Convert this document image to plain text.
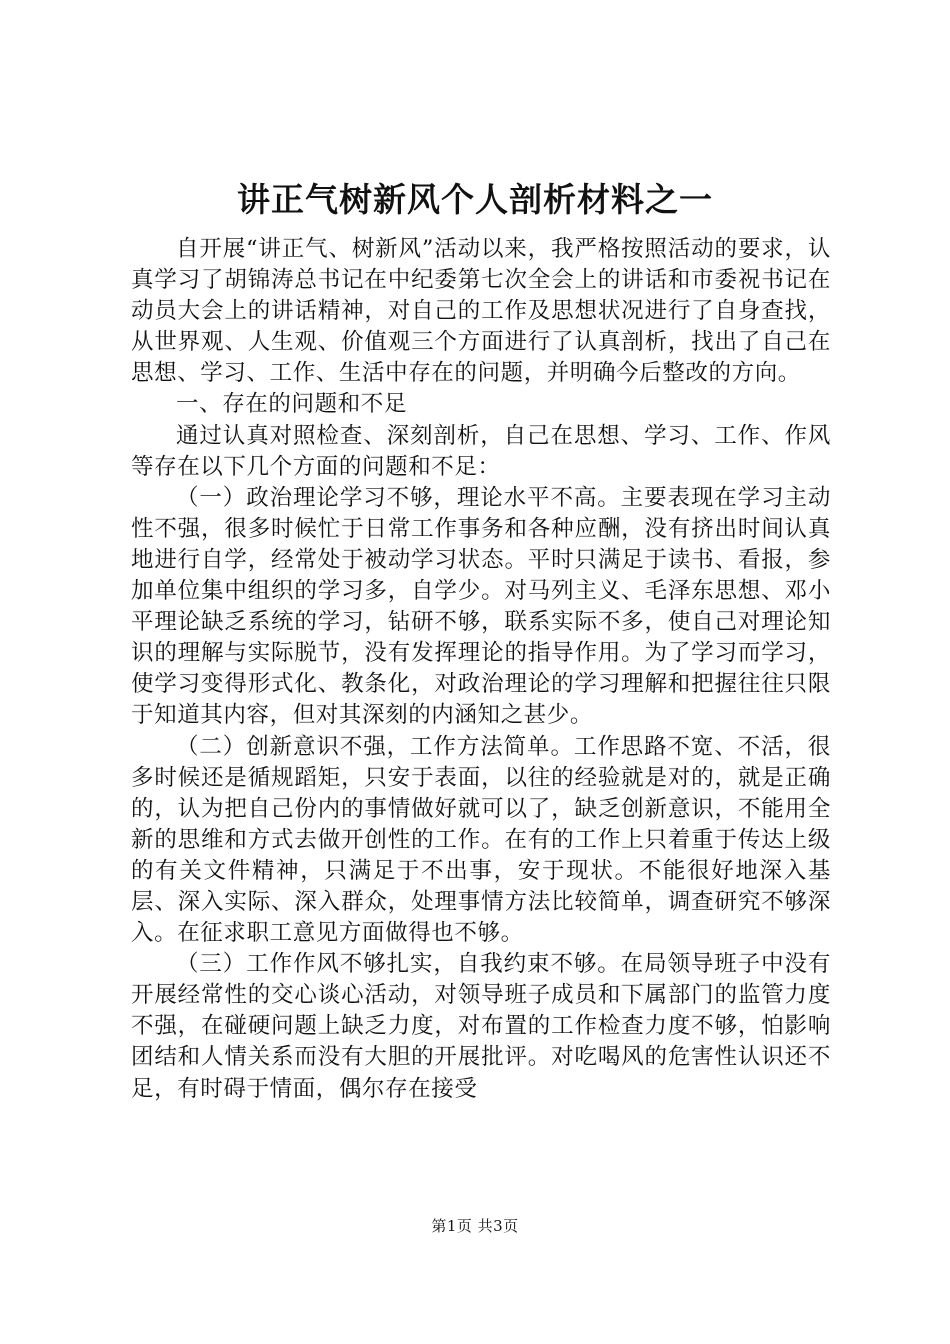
讲正气树新风个人剖析材料之一

自开展“讲正气、树新风”活动以来，我严格按照活动的要求，认真学习了胡锦涛总书记在中纪委第七次全会上的讲话和市委祝书记在动员大会上的讲话精神，对自己的工作及思想状况进行了自身查找，从世界观、人生观、价值观三个方面进行了认真剖析，找出了自己在思想、学习、工作、生活中存在的问题，并明确今后整改的方向。

一、存在的问题和不足

通过认真对照检查、深刻剖析，自己在思想、学习、工作、作风等存在以下几个方面的问题和不足：

（一）政治理论学习不够，理论水平不高。主要表现在学习主动性不强，很多时候忙于日常工作事务和各种应酬，没有挤出时间认真地进行自学，经常处于被动学习状态。平时只满足于读书、看报，参加单位集中组织的学习多，自学少。对马列主义、毛泽东思想、邓小平理论缺乏系统的学习，钻研不够，联系实际不多，使自己对理论知识的理解与实际脱节，没有发挥理论的指导作用。为了学习而学习，使学习变得形式化、教条化，对政治理论的学习理解和把握往往只限于知道其内容，但对其深刻的内涵知之甚少。

（二）创新意识不强，工作方法简单。工作思路不宽、不活，很多时候还是循规蹈矩，只安于表面，以往的经验就是对的，就是正确的，认为把自己份内的事情做好就可以了，缺乏创新意识，不能用全新的思维和方式去做开创性的工作。在有的工作上只着重于传达上级的有关文件精神，只满足于不出事，安于现状。不能很好地深入基层、深入实际、深入群众，处理事情方法比较简单，调查研究不够深入。在征求职工意见方面做得也不够。

（三）工作作风不够扎实，自我约束不够。在局领导班子中没有开展经常性的交心谈心活动，对领导班子成员和下属部门的监管力度不强，在碰硬问题上缺乏力度，对布置的工作检查力度不够，怕影响团结和人情关系而没有大胆的开展批评。对吃喝风的危害性认识还不足，有时碍于情面，偶尔存在接受

第1页 共3页
